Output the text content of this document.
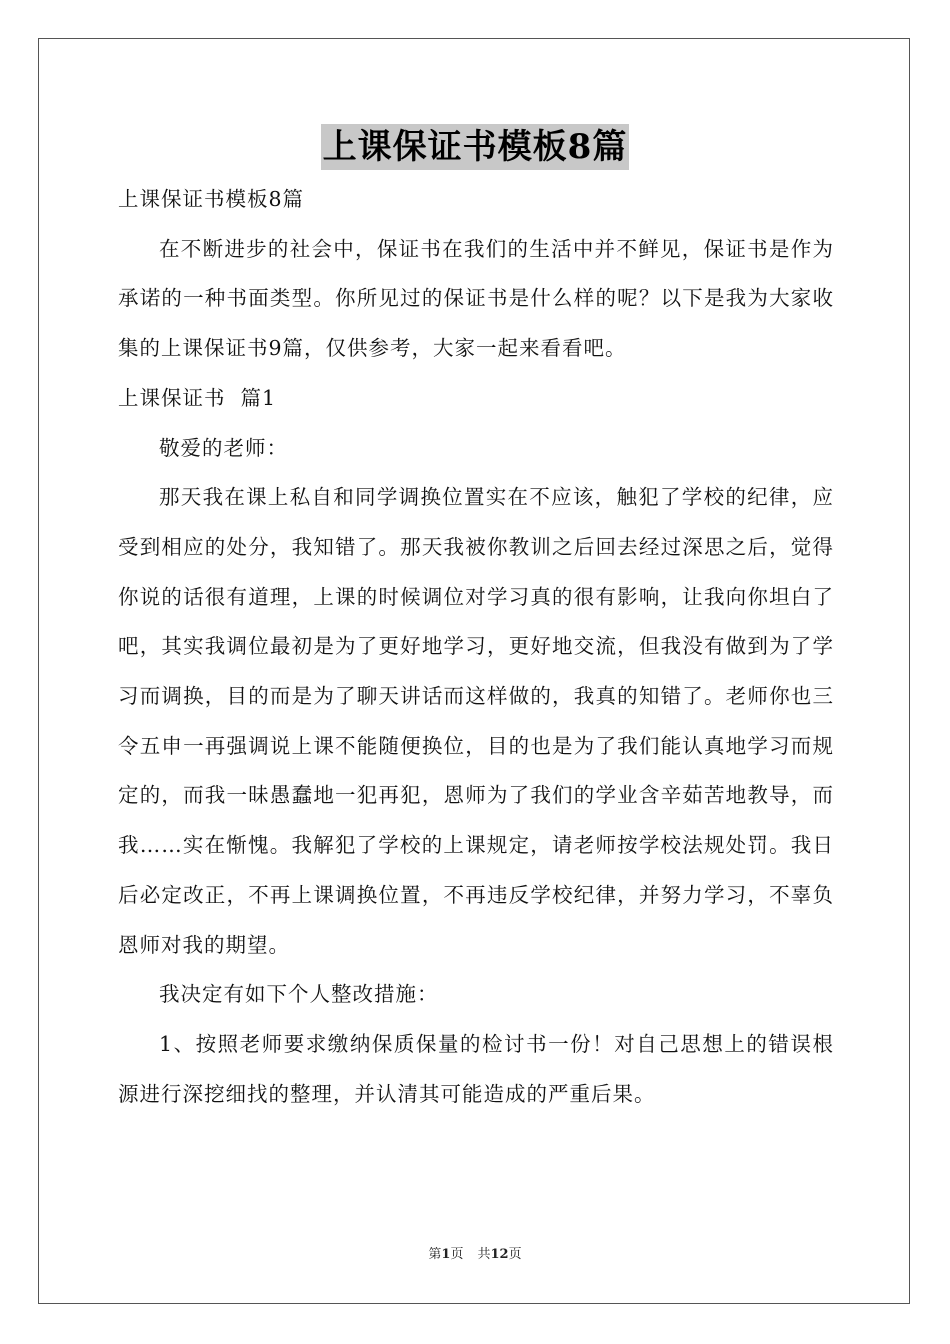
上课保证书模板8篇

上课保证书模板8篇

在不断进步的社会中，保证书在我们的生活中并不鲜见，保证书是作为承诺的一种书面类型。你所见过的保证书是什么样的呢？以下是我为大家收集的上课保证书9篇，仅供参考，大家一起来看看吧。

上课保证书  篇1

敬爱的老师：

那天我在课上私自和同学调换位置实在不应该，触犯了学校的纪律，应受到相应的处分，我知错了。那天我被你教训之后回去经过深思之后，觉得你说的话很有道理，上课的时候调位对学习真的很有影响，让我向你坦白了吧，其实我调位最初是为了更好地学习，更好地交流，但我没有做到为了学习而调换，目的而是为了聊天讲话而这样做的，我真的知错了。老师你也三令五申一再强调说上课不能随便换位，目的也是为了我们能认真地学习而规定的，而我一昧愚蠢地一犯再犯，恩师为了我们的学业含辛茹苦地教导，而我……实在惭愧。我解犯了学校的上课规定，请老师按学校法规处罚。我日后必定改正，不再上课调换位置，不再违反学校纪律，并努力学习，不辜负恩师对我的期望。

我决定有如下个人整改措施：

1、按照老师要求缴纳保质保量的检讨书一份！对自己思想上的错误根源进行深挖细找的整理，并认清其可能造成的严重后果。

第1页 共12页
